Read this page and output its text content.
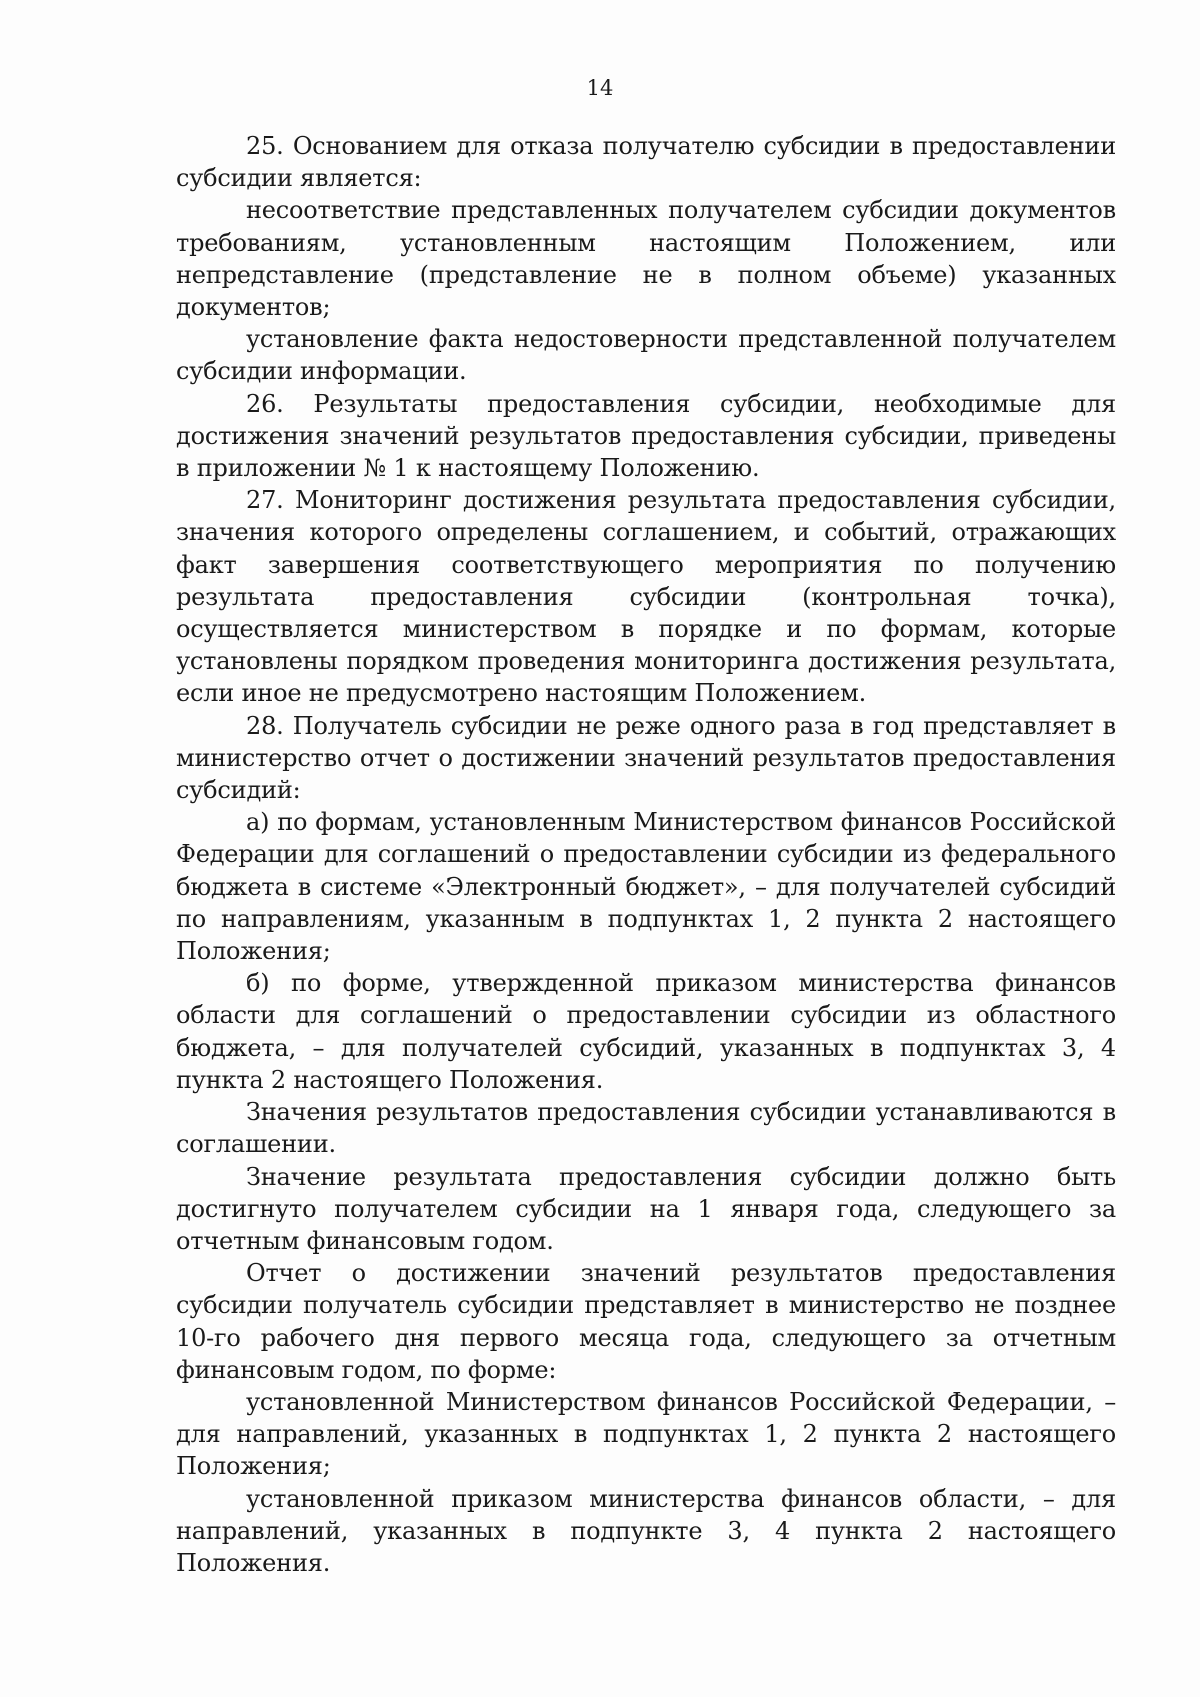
14

25. Основанием для отказа получателю субсидии в предоставлении субсидии является:

несоответствие представленных получателем субсидии документов требованиям, установленным настоящим Положением, или непредставление (представление не в полном объеме) указанных документов;

установление факта недостоверности представленной получателем субсидии информации.

26. Результаты предоставления субсидии, необходимые для достижения значений результатов предоставления субсидии, приведены в приложении № 1 к настоящему Положению.

27. Мониторинг достижения результата предоставления субсидии, значения которого определены соглашением, и событий, отражающих факт завершения соответствующего мероприятия по получению результата предоставления субсидии (контрольная точка), осуществляется министерством в порядке и по формам, которые установлены порядком проведения мониторинга достижения результата, если иное не предусмотрено настоящим Положением.

28. Получатель субсидии не реже одного раза в год представляет в министерство отчет о достижении значений результатов предоставления субсидий:

а) по формам, установленным Министерством финансов Российской Федерации для соглашений о предоставлении субсидии из федерального бюджета в системе «Электронный бюджет», – для получателей субсидий по направлениям, указанным в подпунктах 1, 2 пункта 2 настоящего Положения;

б) по форме, утвержденной приказом министерства финансов области для соглашений о предоставлении субсидии из областного бюджета, – для получателей субсидий, указанных в подпунктах 3, 4 пункта 2 настоящего Положения.

Значения результатов предоставления субсидии устанавливаются в соглашении.

Значение результата предоставления субсидии должно быть достигнуто получателем субсидии на 1 января года, следующего за отчетным финансовым годом.

Отчет о достижении значений результатов предоставления субсидии получатель субсидии представляет в министерство не позднее 10-го рабочего дня первого месяца года, следующего за отчетным финансовым годом, по форме:

установленной Министерством финансов Российской Федерации, – для направлений, указанных в подпунктах 1, 2 пункта 2 настоящего Положения;

установленной приказом министерства финансов области, – для направлений, указанных в подпункте 3, 4 пункта 2 настоящего Положения.
